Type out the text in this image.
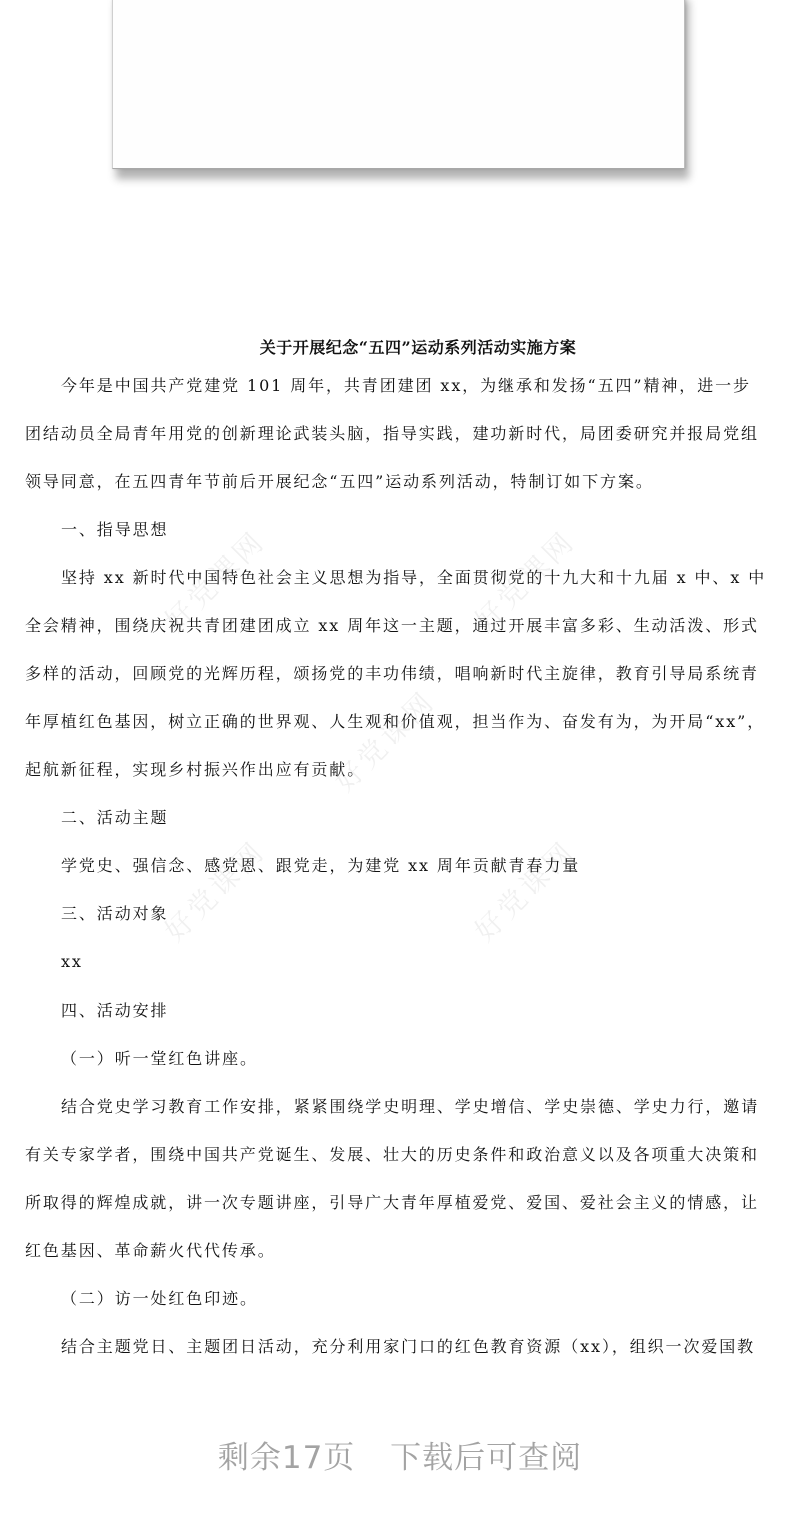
好党课网	好党课网
好党课网	好党课网
好党课网
关于开展纪念“五四”运动系列活动实施方案
今年是中国共产党建党 101 周年，共青团建团 xx，为继承和发扬“五四”精神，进一步
团结动员全局青年用党的创新理论武装头脑，指导实践，建功新时代，局团委研究并报局党组
领导同意，在五四青年节前后开展纪念“五四”运动系列活动，特制订如下方案。
一、指导思想
坚持 xx 新时代中国特色社会主义思想为指导，全面贯彻党的十九大和十九届 x 中、x 中
全会精神，围绕庆祝共青团建团成立 xx 周年这一主题，通过开展丰富多彩、生动活泼、形式
多样的活动，回顾党的光辉历程，颂扬党的丰功伟绩，唱响新时代主旋律，教育引导局系统青
年厚植红色基因，树立正确的世界观、人生观和价值观，担当作为、奋发有为，为开局“xx”，
起航新征程，实现乡村振兴作出应有贡献。
二、活动主题
学党史、强信念、感党恩、跟党走，为建党 xx 周年贡献青春力量
三、活动对象
xx
四、活动安排
（一）听一堂红色讲座。
结合党史学习教育工作安排，紧紧围绕学史明理、学史增信、学史崇德、学史力行，邀请
有关专家学者，围绕中国共产党诞生、发展、壮大的历史条件和政治意义以及各项重大决策和
所取得的辉煌成就，讲一次专题讲座，引导广大青年厚植爱党、爱国、爱社会主义的情感，让
红色基因、革命薪火代代传承。
（二）访一处红色印迹。
结合主题党日、主题团日活动，充分利用家门口的红色教育资源（xx），组织一次爱国教
剩余17页 下载后可查阅
